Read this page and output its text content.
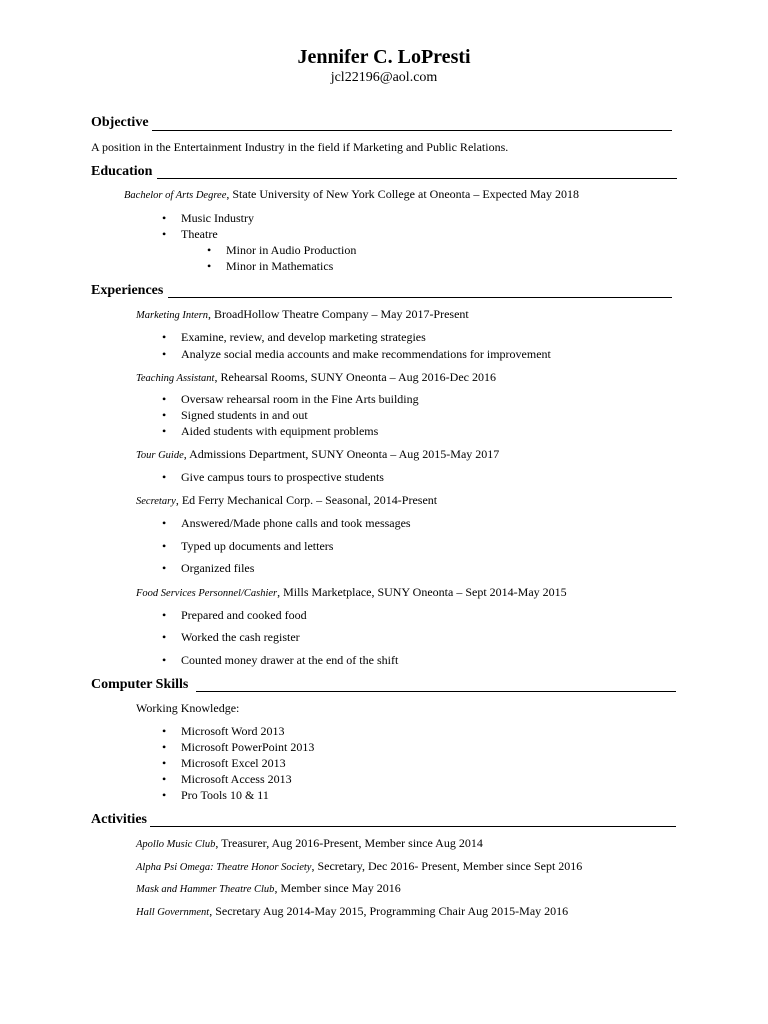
Jennifer C. LoPresti
jcl22196@aol.com
Objective
A position in the Entertainment Industry in the field if Marketing and Public Relations.
Education
Bachelor of Arts Degree, State University of New York College at Oneonta – Expected May 2018
• Music Industry
• Theatre
• Minor in Audio Production
• Minor in Mathematics
Experiences
Marketing Intern, BroadHollow Theatre Company – May 2017-Present
• Examine, review, and develop marketing strategies
• Analyze social media accounts and make recommendations for improvement
Teaching Assistant, Rehearsal Rooms, SUNY Oneonta – Aug 2016-Dec 2016
• Oversaw rehearsal room in the Fine Arts building
• Signed students in and out
• Aided students with equipment problems
Tour Guide, Admissions Department, SUNY Oneonta – Aug 2015-May 2017
• Give campus tours to prospective students
Secretary, Ed Ferry Mechanical Corp. – Seasonal, 2014-Present
• Answered/Made phone calls and took messages
• Typed up documents and letters
• Organized files
Food Services Personnel/Cashier, Mills Marketplace, SUNY Oneonta – Sept 2014-May 2015
• Prepared and cooked food
• Worked the cash register
• Counted money drawer at the end of the shift
Computer Skills
Working Knowledge:
• Microsoft Word 2013
• Microsoft PowerPoint 2013
• Microsoft Excel 2013
• Microsoft Access 2013
• Pro Tools 10 & 11
Activities
Apollo Music Club, Treasurer, Aug 2016-Present, Member since Aug 2014
Alpha Psi Omega: Theatre Honor Society, Secretary, Dec 2016- Present, Member since Sept 2016
Mask and Hammer Theatre Club, Member since May 2016
Hall Government, Secretary Aug 2014-May 2015, Programming Chair Aug 2015-May 2016
